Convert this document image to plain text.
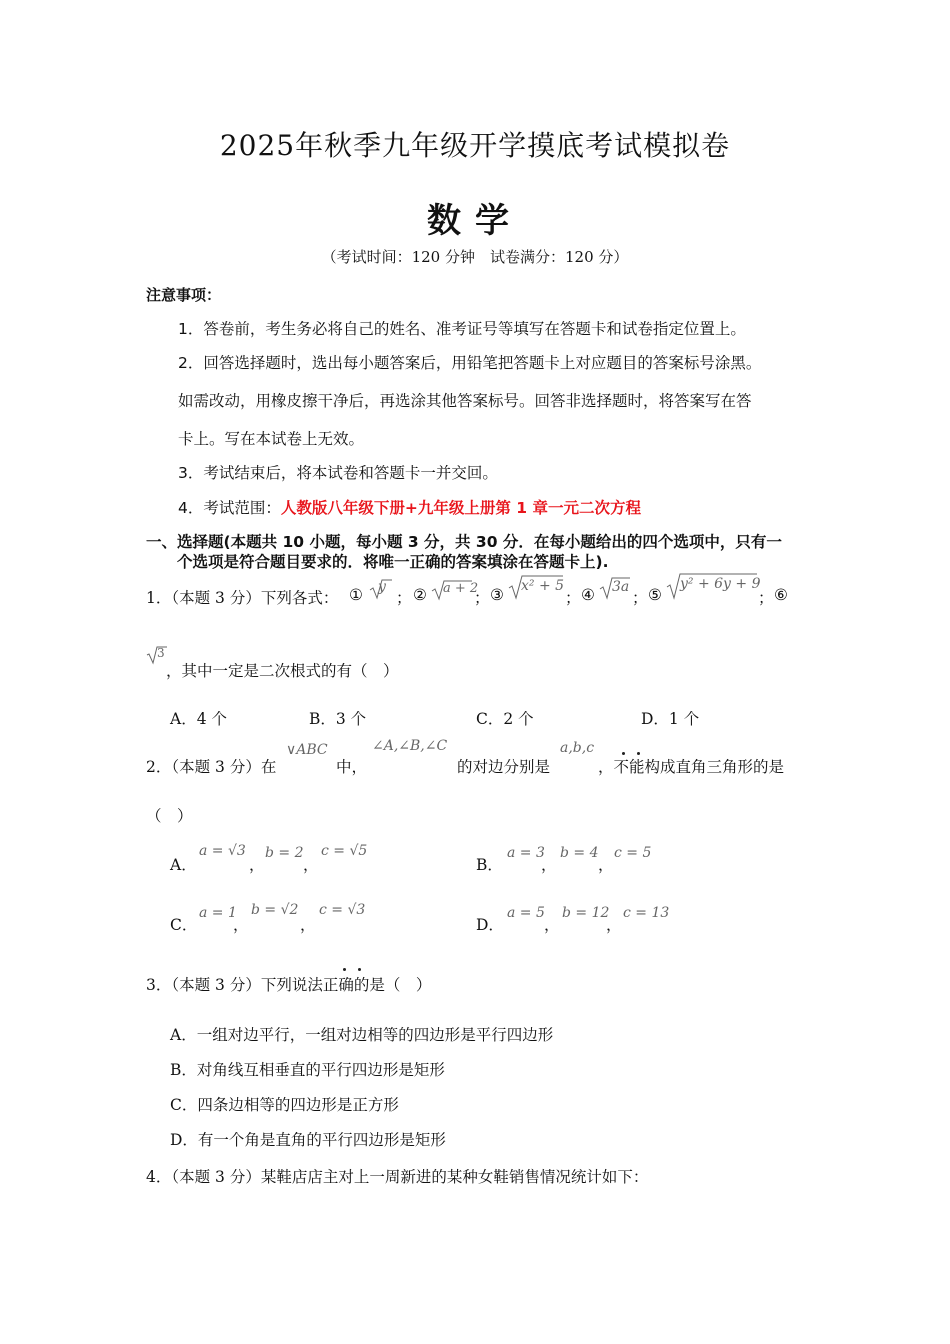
2025年秋季九年级开学摸底考试模拟卷
数学
（考试时间：120 分钟　试卷满分：120 分）
注意事项：
1．答卷前，考生务必将自己的姓名、准考证号等填写在答题卡和试卷指定位置上。
2．回答选择题时，选出每小题答案后，用铅笔把答题卡上对应题目的答案标号涂黑。
如需改动，用橡皮擦干净后，再选涂其他答案标号。回答非选择题时，将答案写在答
卡上。写在本试卷上无效。
3．考试结束后，将本试卷和答题卡一并交回。
4．考试范围：人教版八年级下册+九年级上册第 1 章一元二次方程
一、选择题(本题共 10 小题，每小题 3 分，共 30 分．在每小题给出的四个选项中，只有一
个选项是符合题目要求的．将唯一正确的答案填涂在答题卡上).
1．（本题 3 分）下列各式： ① y
； ② a + 2
； ③ x² + 5
； ④ 3a
； ⑤
y² + 6y + 9
； ⑥
3
，其中一定是二次根式的有（　）
A．4 个	B．3 个	C．2 个	D．1 个
2．（本题 3 分）在
∨ABC
中，
∠A,∠B,∠C
的对边分别是
a,b,c
，不能构成直角三角形的是
（　）
A．
a = √3
，
b = 2
，
c = √5
B．
a = 3
，
b = 4
，
c = 5
C．
a = 1
，
b = √2
，
c = √3
D．
a = 5
，
b = 12
，
c = 13
3．（本题 3 分）下列说法正确的是（　）
A．一组对边平行，一组对边相等的四边形是平行四边形
B．对角线互相垂直的平行四边形是矩形
C．四条边相等的四边形是正方形
D．有一个角是直角的平行四边形是矩形
4．（本题 3 分）某鞋店店主对上一周新进的某种女鞋销售情况统计如下：
